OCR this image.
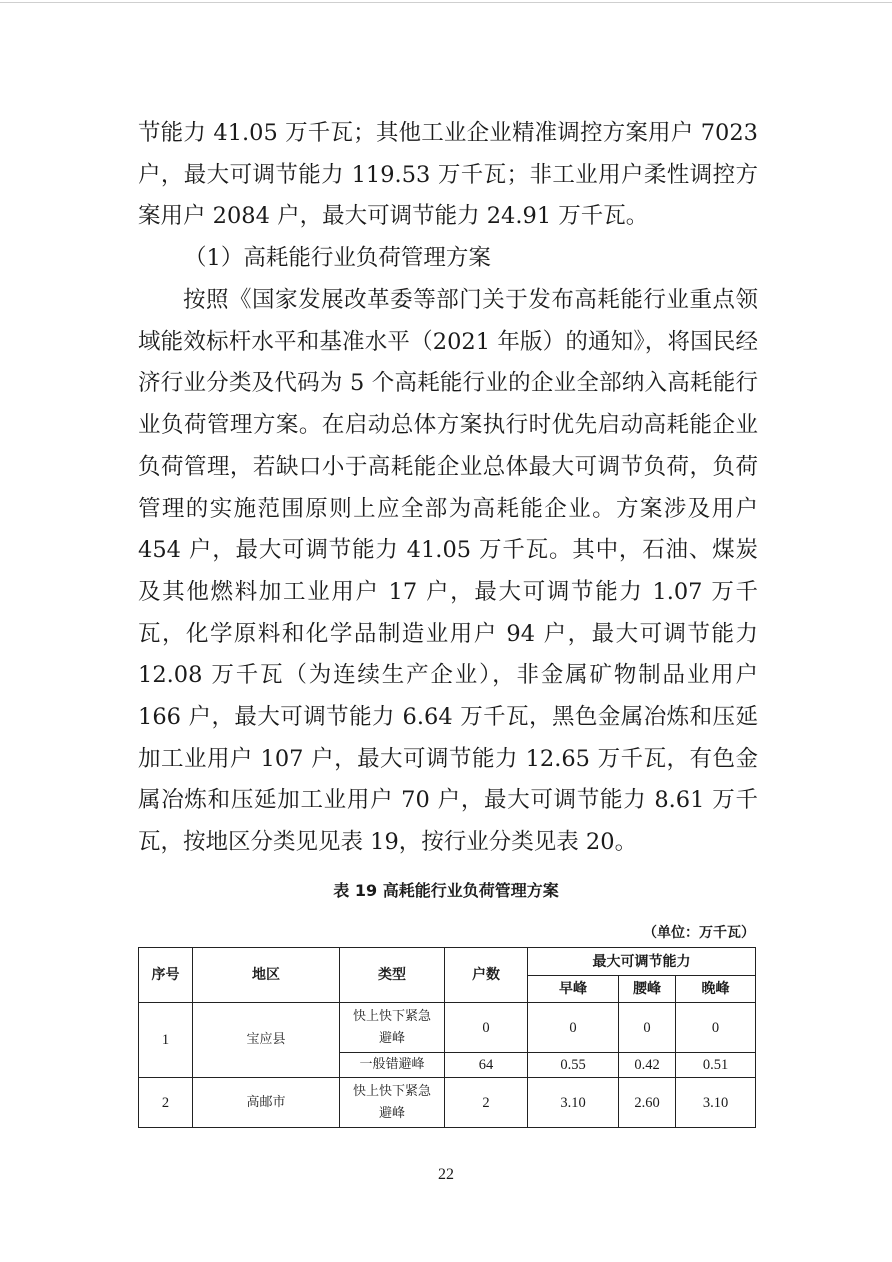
节能力 41.05 万千瓦；其他工业企业精准调控方案用户 7023 户，最大可调节能力 119.53 万千瓦；非工业用户柔性调控方案用户 2084 户，最大可调节能力 24.91 万千瓦。

（1）高耗能行业负荷管理方案

按照《国家发展改革委等部门关于发布高耗能行业重点领域能效标杆水平和基准水平（2021 年版）的通知》，将国民经济行业分类及代码为 5 个高耗能行业的企业全部纳入高耗能行业负荷管理方案。在启动总体方案执行时优先启动高耗能企业负荷管理，若缺口小于高耗能企业总体最大可调节负荷，负荷管理的实施范围原则上应全部为高耗能企业。方案涉及用户 454 户，最大可调节能力 41.05 万千瓦。其中，石油、煤炭及其他燃料加工业用户 17 户，最大可调节能力 1.07 万千瓦，化学原料和化学品制造业用户 94 户，最大可调节能力 12.08 万千瓦（为连续生产企业），非金属矿物制品业用户 166 户，最大可调节能力 6.64 万千瓦，黑色金属冶炼和压延加工业用户 107 户，最大可调节能力 12.65 万千瓦，有色金属冶炼和压延加工业用户 70 户，最大可调节能力 8.61 万千瓦，按地区分类见见表 19，按行业分类见表 20。

表 19 高耗能行业负荷管理方案
（单位：万千瓦）
序号	地区	类型	户数	最大可调节能力		
				早峰	腰峰	晚峰
1	宝应县	快上快下紧急避峰	0	0	0	0
		一般错避峰	64	0.55	0.42	0.51
2	高邮市	快上快下紧急避峰	2	3.10	2.60	3.10
22
